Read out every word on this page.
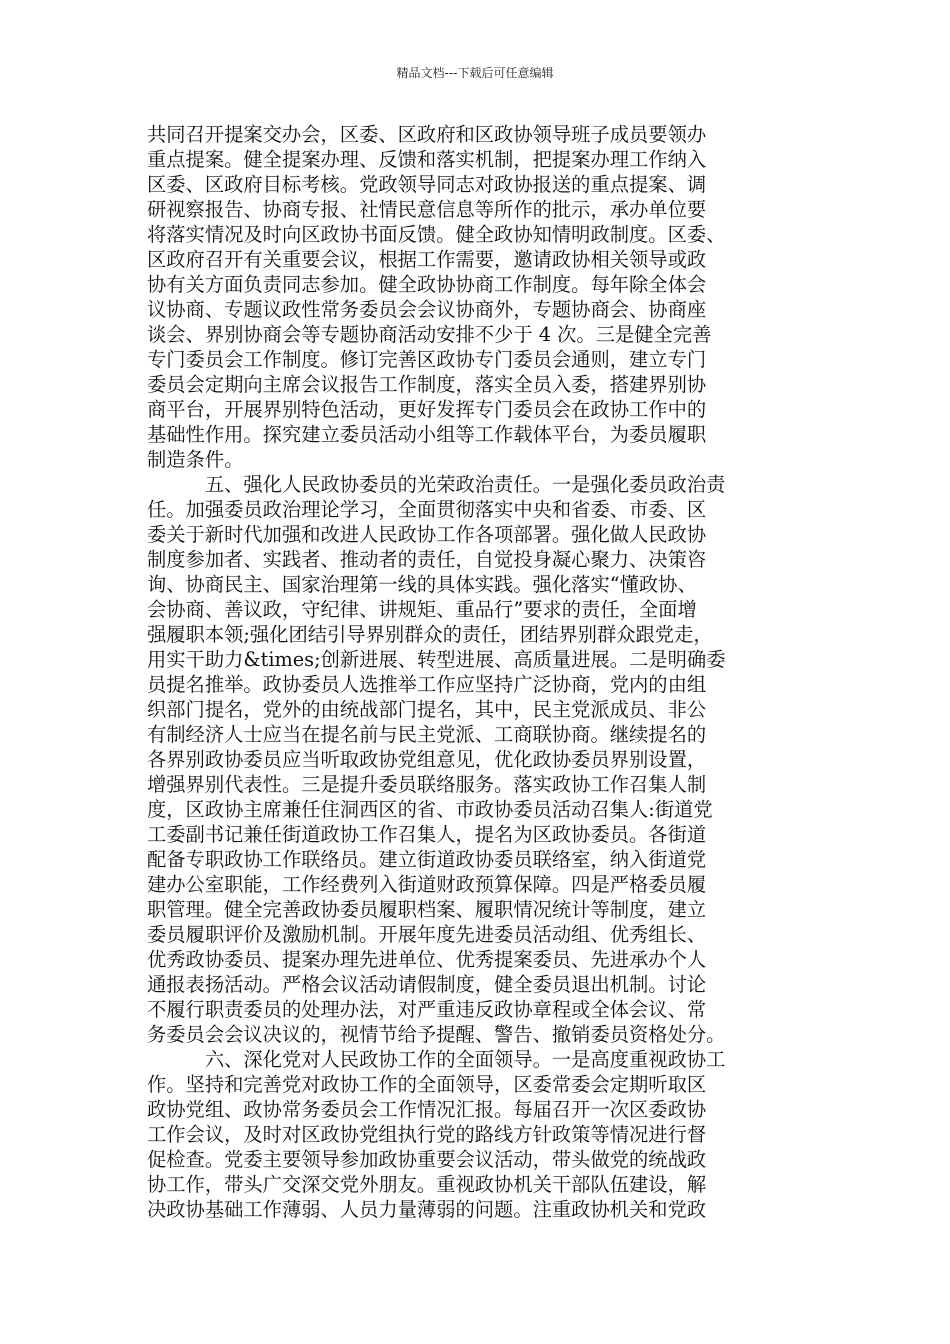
精品文档---下载后可任意编辑
共同召开提案交办会，区委、区政府和区政协领导班子成员要领办
重点提案。健全提案办理、反馈和落实机制，把提案办理工作纳入
区委、区政府目标考核。党政领导同志对政协报送的重点提案、调
研视察报告、协商专报、社情民意信息等所作的批示，承办单位要
将落实情况及时向区政协书面反馈。健全政协知情明政制度。区委、
区政府召开有关重要会议，根据工作需要，邀请政协相关领导或政
协有关方面负责同志参加。健全政协协商工作制度。每年除全体会
议协商、专题议政性常务委员会会议协商外，专题协商会、协商座
谈会、界别协商会等专题协商活动安排不少于 4 次。三是健全完善
专门委员会工作制度。修订完善区政协专门委员会通则，建立专门
委员会定期向主席会议报告工作制度，落实全员入委，搭建界别协
商平台，开展界别特色活动，更好发挥专门委员会在政协工作中的
基础性作用。探究建立委员活动小组等工作载体平台，为委员履职
制造条件。
　　　五、强化人民政协委员的光荣政治责任。一是强化委员政治责
任。加强委员政治理论学习，全面贯彻落实中央和省委、市委、区
委关于新时代加强和改进人民政协工作各项部署。强化做人民政协
制度参加者、实践者、推动者的责任，自觉投身凝心聚力、决策咨
询、协商民主、国家治理第一线的具体实践。强化落实“懂政协、
会协商、善议政，守纪律、讲规矩、重品行”要求的责任，全面增
强履职本领;强化团结引导界别群众的责任，团结界别群众跟党走，
用实干助力&times;创新进展、转型进展、高质量进展。二是明确委
员提名推举。政协委员人选推举工作应坚持广泛协商，党内的由组
织部门提名，党外的由统战部门提名，其中，民主党派成员、非公
有制经济人士应当在提名前与民主党派、工商联协商。继续提名的
各界别政协委员应当听取政协党组意见，优化政协委员界别设置，
增强界别代表性。三是提升委员联络服务。落实政协工作召集人制
度，区政协主席兼任住洞西区的省、市政协委员活动召集人:街道党
工委副书记兼任街道政协工作召集人，提名为区政协委员。各街道
配备专职政协工作联络员。建立街道政协委员联络室，纳入街道党
建办公室职能，工作经费列入街道财政预算保障。四是严格委员履
职管理。健全完善政协委员履职档案、履职情况统计等制度，建立
委员履职评价及激励机制。开展年度先进委员活动组、优秀组长、
优秀政协委员、提案办理先进单位、优秀提案委员、先进承办个人
通报表扬活动。严格会议活动请假制度，健全委员退出机制。讨论
不履行职责委员的处理办法，对严重违反政协章程或全体会议、常
务委员会会议决议的，视情节给予提醒、警告、撤销委员资格处分。
　　　六、深化党对人民政协工作的全面领导。一是高度重视政协工
作。坚持和完善党对政协工作的全面领导，区委常委会定期听取区
政协党组、政协常务委员会工作情况汇报。每届召开一次区委政协
工作会议，及时对区政协党组执行党的路线方针政策等情况进行督
促检查。党委主要领导参加政协重要会议活动，带头做党的统战政
协工作，带头广交深交党外朋友。重视政协机关干部队伍建设，解
决政协基础工作薄弱、人员力量薄弱的问题。注重政协机关和党政
